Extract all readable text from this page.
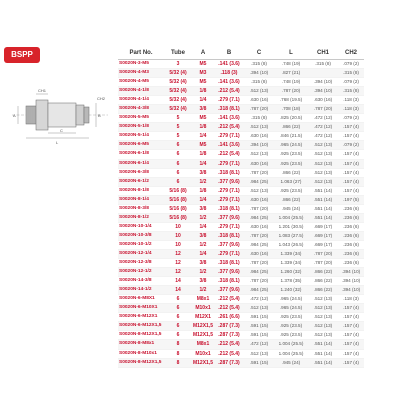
BSPP
CH1
A
CH2
B
C
L
Part No.	Tube	A	B	C	L	CH1	CH2
S0020N-3-M5	3	M5	.141 (3.6)	.315 (8)	.748 (19)	.315 (8)	.079 (2)
S0020N-4-M3	5/32 (4)	M3	.118 (3)	.394 (10)	.827 (21)		.315 (8)
S0020N-4-M5	5/32 (4)	M5	.141 (3.6)	.315 (8)	.748 (19)	.394 (10)	.079 (2)
S0020N-4-1/8	5/32 (4)	1/8	.212 (5.4)	.512 (13)	.787 (20)	.394 (10)	.315 (8)
S0020N-4-1/4	5/32 (4)	1/4	.279 (7.1)	.630 (16)	.768 (19.5)	.630 (16)	.118 (3)
S0020N-4-3/8	5/32 (4)	3/8	.318 (8.1)	.787 (20)	.708 (18)	.787 (20)	.118 (3)
S0020N-5-M5	5	M5	.141 (3.6)	.315 (8)	.825 (20.5)	.472 (12)	.079 (2)
S0020N-5-1/8	5	1/8	.212 (5.4)	.512 (13)	.866 (22)	.472 (12)	.157 (4)
S0020N-5-1/4	5	1/4	.279 (7.1)	.630 (16)	.846 (21.5)	.472 (12)	.157 (4)
S0020N-6-M5	6	M5	.141 (3.6)	.394 (10)	.965 (24.5)	.512 (13)	.079 (2)
S0020N-6-1/8	6	1/8	.212 (5.4)	.512 (13)	.925 (23.5)	.512 (13)	.157 (4)
S0020N-6-1/4	6	1/4	.279 (7.1)	.630 (16)	.925 (23.5)	.512 (13)	.157 (4)
S0020N-6-3/8	6	3/8	.318 (8.1)	.787 (20)	.866 (22)	.512 (13)	.157 (4)
S0020N-6-1/2	6	1/2	.377 (9.6)	.984 (25)	1.063 (27)	.512 (13)	.157 (4)
S0020N-8-1/8	5/16 (8)	1/8	.279 (7.1)	.512 (13)	.925 (23.5)	.551 (14)	.157 (4)
S0020N-8-1/4	5/16 (8)	1/4	.279 (7.1)	.630 (16)	.866 (22)	.551 (14)	.197 (5)
S0020N-8-3/8	5/16 (8)	3/8	.318 (8.1)	.787 (20)	.945 (24)	.551 (14)	.236 (6)
S0020N-8-1/2	5/16 (8)	1/2	.377 (9.6)	.984 (25)	1.004 (25.5)	.551 (14)	.236 (6)
S0020N-10-1/4	10	1/4	.279 (7.1)	.630 (16)	1.201 (30.5)	.669 (17)	.236 (6)
S0020N-10-3/8	10	3/8	.318 (8.1)	.787 (20)	1.083 (27.5)	.669 (17)	.236 (6)
S0020N-10-1/2	10	1/2	.377 (9.6)	.984 (25)	1.043 (26.5)	.669 (17)	.236 (6)
S0020N-12-1/4	12	1/4	.279 (7.1)	.630 (16)	1.339 (34)	.787 (20)	.236 (6)
S0020N-12-3/8	12	3/8	.318 (8.1)	.787 (20)	1.339 (34)	.787 (20)	.236 (6)
S0020N-12-1/2	12	1/2	.377 (9.6)	.984 (25)	1.260 (32)	.866 (22)	.394 (10)
S0020N-14-3/8	14	3/8	.318 (8.1)	.787 (20)	1.378 (35)	.866 (22)	.394 (10)
S0020N-14-1/2	14	1/2	.377 (9.6)	.984 (25)	1.240 (32)	.866 (22)	.394 (10)
S0020N-6-M8X1	6	M8x1	.212 (5.4)	.472 (12)	.965 (24.5)	.512 (13)	.118 (3)
S0020N-6-M10X1	6	M10x1	.212 (5.4)	.512 (13)	.965 (24.5)	.512 (13)	.157 (4)
S0020N-6-M12X1	6	M12X1	.261 (6.6)	.591 (15)	.925 (23.5)	.512 (13)	.157 (4)
S0020N-6-M12X1,5	6	M12X1,5	.287 (7.3)	.591 (15)	.925 (23.5)	.512 (13)	.157 (4)
S0020N-8-M12X1,5	6	M12X1,5	.287 (7.3)	.591 (15)	.925 (23.5)	.512 (13)	.157 (4)
S0020N-8-M8x1	8	M8x1	.212 (5.4)	.472 (12)	1.004 (25.5)	.551 (14)	.157 (4)
S0020N-8-M10x1	8	M10x1	.212 (5.4)	.512 (13)	1.004 (25.5)	.551 (14)	.157 (4)
S0020N-8-M12X1,5	8	M12X1,5	.287 (7.3)	.591 (15)	.945 (24)	.551 (14)	.157 (4)
